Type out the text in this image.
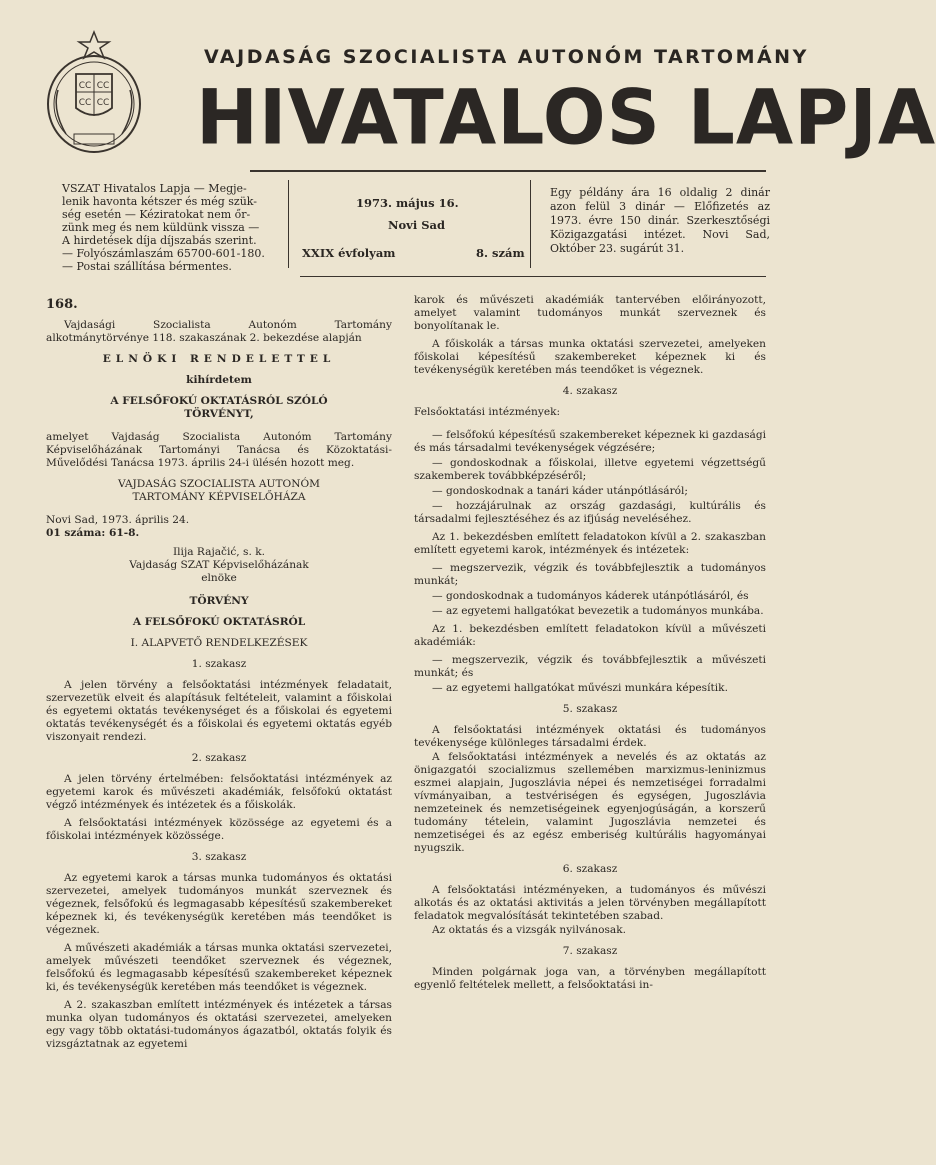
CC CC
CC CC
VAJDASÁG SZOCIALISTA AUTONÓM TARTOMÁNY
HIVATALOS LAPJA
VSZAT Hivatalos Lapja — Megje-
lenik havonta kétszer és még szük-
ség esetén — Kéziratokat nem őr-
zünk meg és nem küldünk vissza —
A hirdetések díja díjszabás szerint.
— Folyószámlaszám 65700-601-180.
— Postai szállítása bérmentes.
1973. május 16.
Novi Sad
XXIX évfolyam	8. szám
Egy példány ára 16 oldalig 2 dinár azon felül 3 dinár — Előfizetés az 1973. évre 150 dinár. Szerkesztőségi Közigazgatási intézet. Novi Sad, Október 23. sugárút 31.

168.

Vajdasági Szocialista Autonóm Tartomány alkotmánytörvénye 118. szakaszának 2. bekezdése alapján

ELNÖKI RENDELETTEL
kihírdetem
A FELSŐFOKÚ OKTATÁSRÓL SZÓLÓ
TÖRVÉNYT,

amelyet Vajdaság Szocialista Autonóm Tartomány Képviselőházának Tartományi Tanácsa és Közoktatási-Művelődési Tanácsa 1973. április 24-i ülésén hozott meg.

VAJDASÁG SZOCIALISTA AUTONÓM
TARTOMÁNY KÉPVISELŐHÁZA
Novi Sad, 1973. április 24.
01 száma: 61-8.
Ilija Rajačić, s. k.
Vajdaság SZAT Képviselőházának
elnöke
TÖRVÉNY
A FELSŐFOKÚ OKTATÁSRÓL
I. ALAPVETŐ RENDELKEZÉSEK
1. szakasz

A jelen törvény a felsőoktatási intézmények feladatait, szervezetük elveit és alapításuk feltételeit, valamint a főiskolai és egyetemi oktatás tevékenységet és a főiskolai és egyetemi oktatás tevékenységét és a főiskolai és egyetemi oktatás egyéb viszonyait rendezi.

2. szakasz

A jelen törvény értelmében: felsőoktatási intézmények az egyetemi karok és művészeti akadémiák, felsőfokú oktatást végző intézmények és intézetek és a főiskolák.

A felsőoktatási intézmények közössége az egyetemi és a főiskolai intézmények közössége.

3. szakasz

Az egyetemi karok a társas munka tudományos és oktatási szervezetei, amelyek tudományos munkát szerveznek és végeznek, felsőfokú és legmagasabb képesítésű szakembereket képeznek ki, és tevékenységük keretében más teendőket is végeznek.

A művészeti akadémiák a társas munka oktatási szervezetei, amelyek művészeti teendőket szerveznek és végeznek, felsőfokú és legmagasabb képesítésű szakembereket képeznek ki, és tevékenységük keretében más teendőket is végeznek.

A 2. szakaszban említett intézmények és intézetek a társas munka olyan tudományos és oktatási szervezetei, amelyeken egy vagy több oktatási-tudományos ágazatból, oktatás folyik és vizsgáztatnak az egyetemi

karok és művészeti akadémiák tantervében előirányozott, amelyet valamint tudományos munkát szerveznek és bonyolítanak le.

A főiskolák a társas munka oktatási szervezetei, amelyeken főiskolai képesítésű szakembereket képeznek ki és tevékenységük keretében más teendőket is végeznek.

4. szakasz

Felsőoktatási intézmények:

— felsőfokú képesítésű szakembereket képeznek ki gazdasági és más társadalmi tevékenységek végzésére;

— gondoskodnak a főiskolai, illetve egyetemi végzettségű szakemberek továbbképzéséről;

— gondoskodnak a tanári káder utánpótlásáról;

— hozzájárulnak az ország gazdasági, kultúrális és társadalmi fejlesztéséhez és az ifjúság neveléséhez.

Az 1. bekezdésben említett feladatokon kívül a 2. szakaszban említett egyetemi karok, intézmények és intézetek:

— megszervezik, végzik és továbbfejlesztik a tudományos munkát;

— gondoskodnak a tudományos káderek utánpótlásáról, és

— az egyetemi hallgatókat bevezetik a tudományos munkába.

Az 1. bekezdésben említett feladatokon kívül a művészeti akadémiák:

— megszervezik, végzik és továbbfejlesztik a művészeti munkát; és

— az egyetemi hallgatókat művészi munkára képesítik.

5. szakasz

A felsőoktatási intézmények oktatási és tudományos tevékenysége különleges társadalmi érdek.

A felsőoktatási intézmények a nevelés és az oktatás az önigazgatói szocializmus szellemében marxizmus-leninizmus eszmei alapjain, Jugoszlávia népei és nemzetiségei forradalmi vívmányaiban, a testvériségen és egységen, Jugoszlávia nemzeteinek és nemzetiségeinek egyenjogúságán, a korszerű tudomány tételein, valamint Jugoszlávia nemzetei és nemzetiségei és az egész emberiség kultúrális hagyományai nyugszik.

6. szakasz

A felsőoktatási intézményeken, a tudományos és művészi alkotás és az oktatási aktivitás a jelen törvényben megállapított feladatok megvalósítását tekintetében szabad.

Az oktatás és a vizsgák nyilvánosak.

7. szakasz

Minden polgárnak joga van, a törvényben megállapított egyenlő feltételek mellett, a felsőoktatási in-
